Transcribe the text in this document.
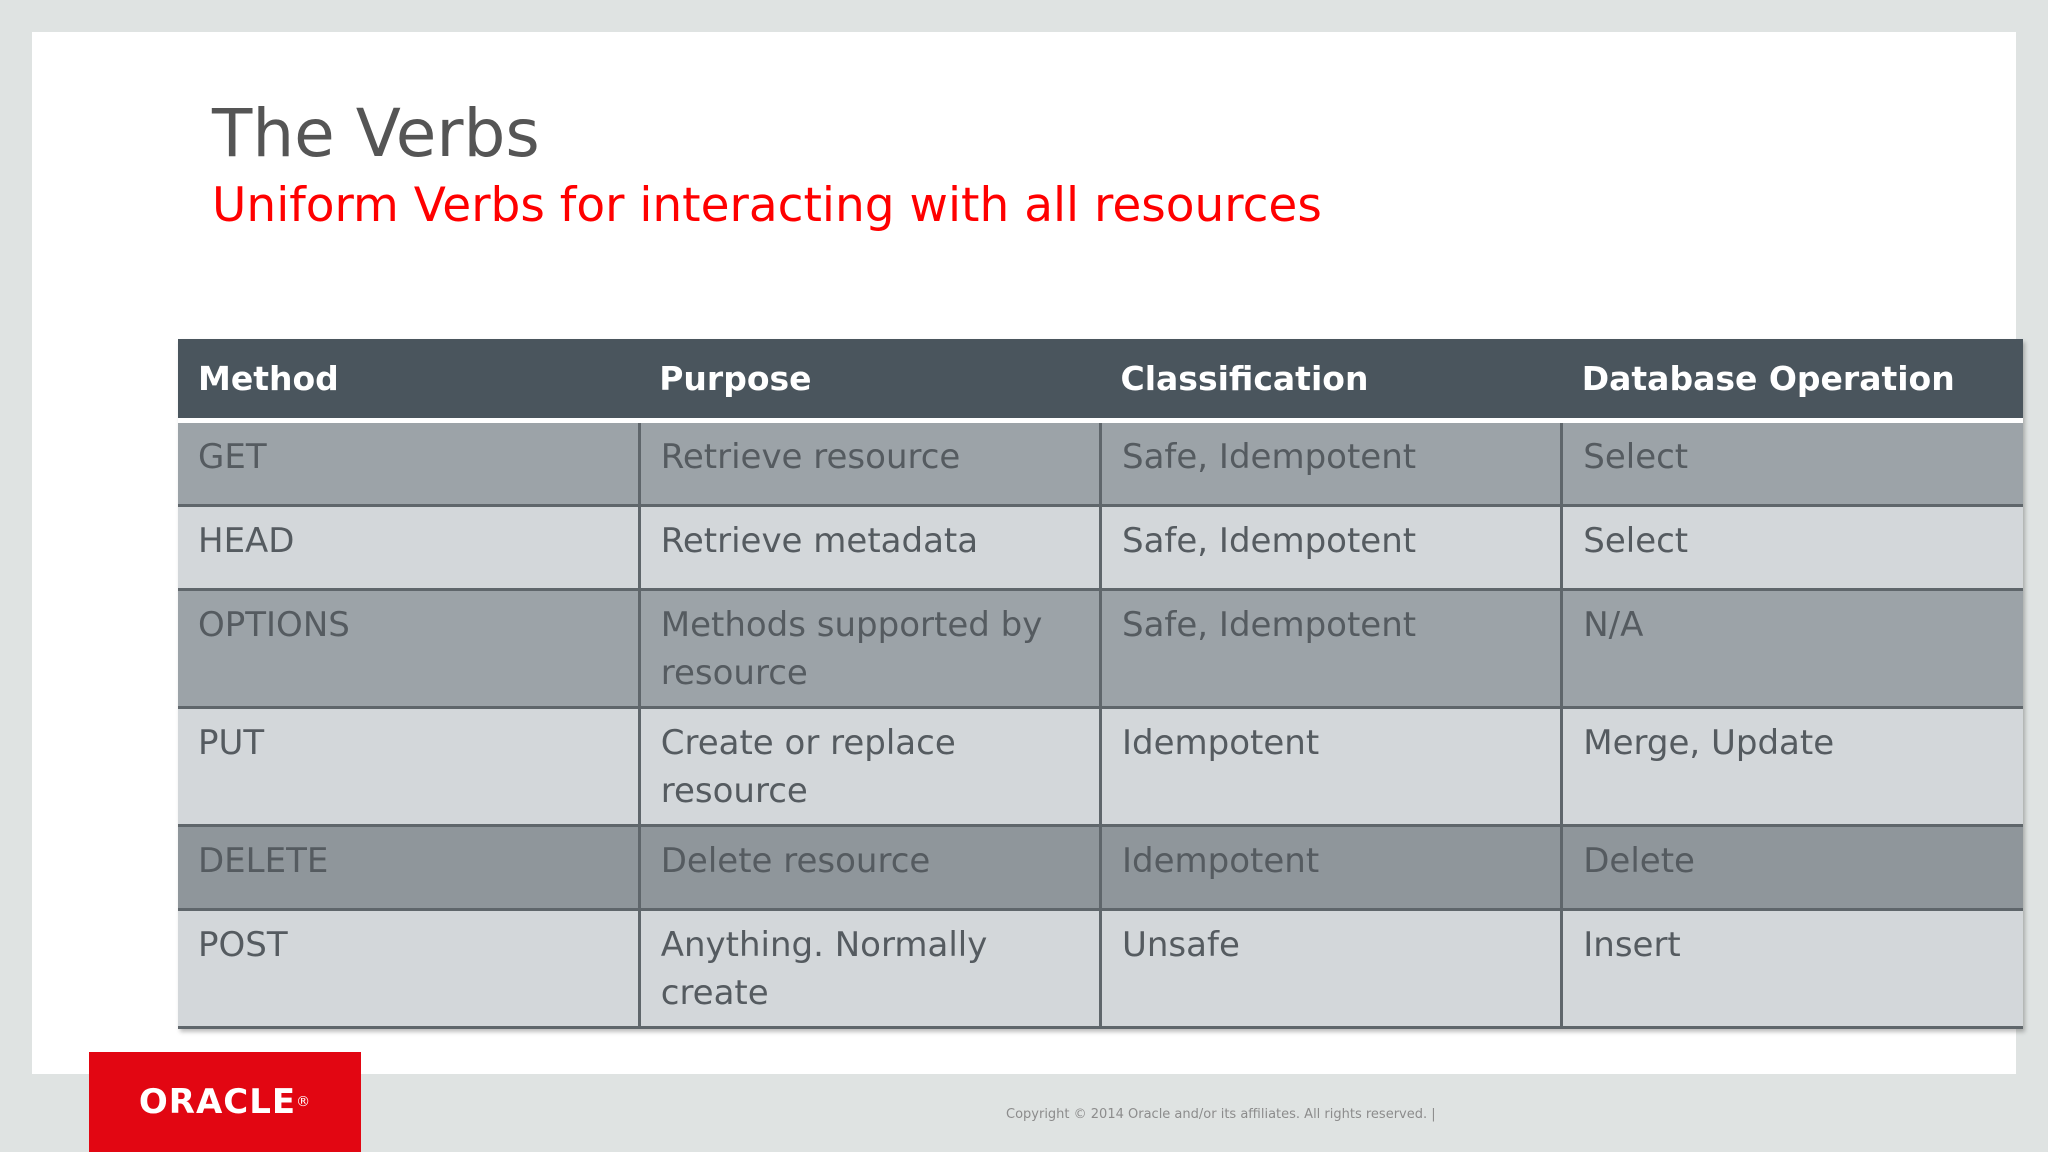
The Verbs
Uniform Verbs for interacting with all resources
Method	Purpose	Classification	Database Operation
GET	Retrieve resource	Safe, Idempotent	Select
HEAD	Retrieve metadata	Safe, Idempotent	Select
OPTIONS	Methods supported by resource	Safe, Idempotent	N/A
PUT	Create or replace resource	Idempotent	Merge, Update
DELETE	Delete resource	Idempotent	Delete
POST	Anything. Normally create	Unsafe	Insert
ORACLE ®
Copyright © 2014 Oracle and/or its affiliates. All rights reserved. |
